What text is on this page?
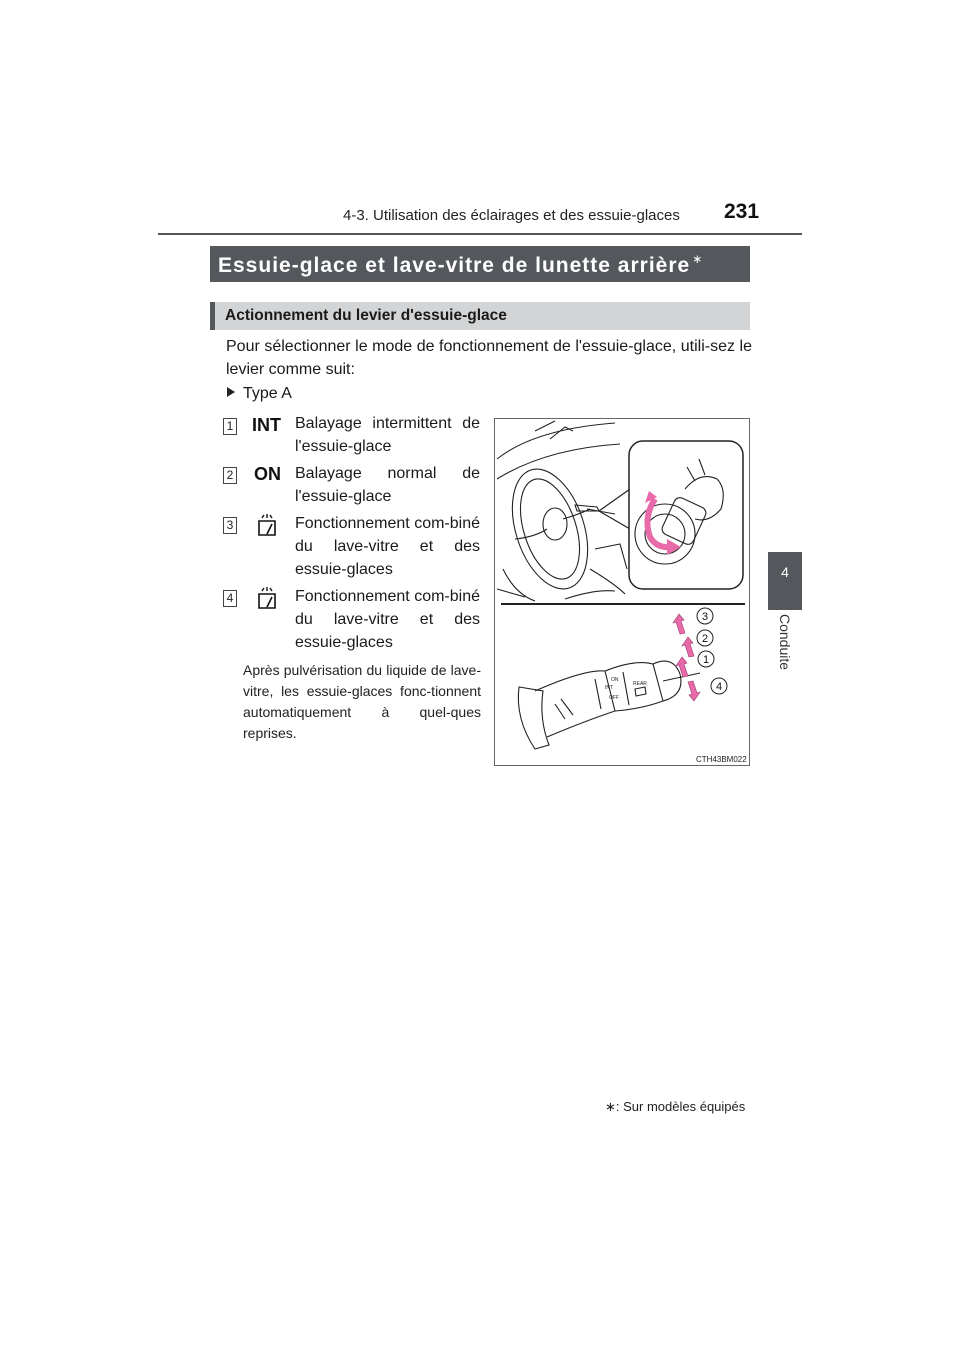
4-3. Utilisation des éclairages et des essuie-glaces 231
4
Conduite
Essuie-glace et lave-vitre de lunette arrière ∗
Actionnement du levier d'essuie-glace
Pour sélectionner le mode de fonctionnement de l'essuie-glace, utili-sez le levier comme suit:
Type A
1 INT Balayage intermittent de l'essuie-glace
2 ON Balayage normal de l'essuie-glace
3	Fonctionnement com-biné du lave-vitre et des essuie-glaces
4	Fonctionnement com-biné du lave-vitre et des essuie-glaces
Après pulvérisation du liquide de lave-vitre, les essuie-glaces fonc-tionnent automatiquement à quel-ques reprises.
INT
ON
OFF
REAR
3
2
1
4
CTH43BM022
∗: Sur modèles équipés
